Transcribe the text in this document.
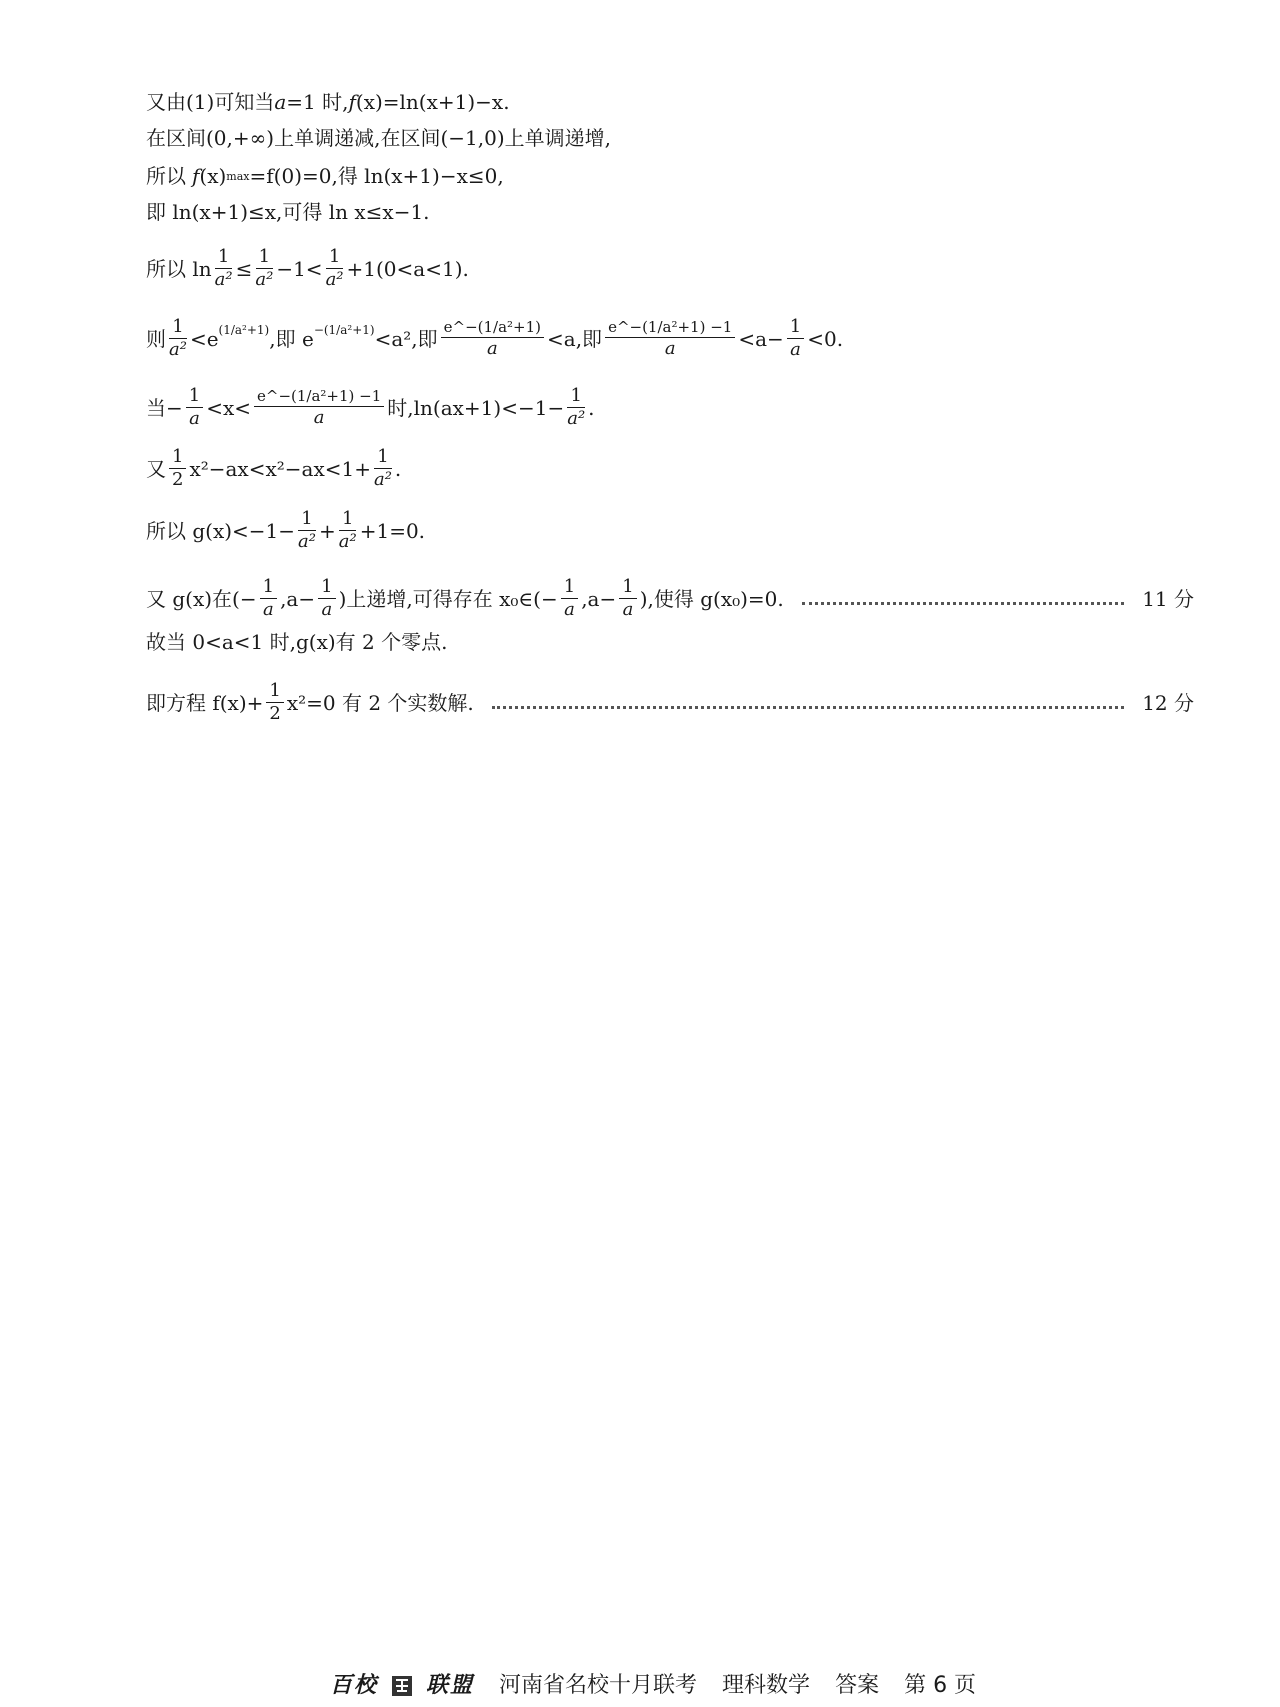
又由(1)可知当 a =1 时, f (x)=ln(x+1)−x.
在区间(0,+∞)上单调递减,在区间(−1,0)上单调递增,
所以 f (x) max =f(0)=0,得 ln(x+1)−x≤0,
即 ln(x+1)≤x,可得 ln x≤x−1.
所以 $\ln \frac{1}{\text{a²}} \le \frac{1}{\text{a²}} -1< \frac{1}{\text{a²}} +1(0<a<1)$.
则 $\frac{1}{\text{a²}} <e$ (1/a²+1) ,即 e −(1/a²+1) <a²,即 $\frac{\text{e\textasciicircum{}−(1/a²+1)}}{a} <a$,即 $\frac{\text{e\textasciicircum{}−(1/a²+1) −1}}{a} <a- \frac{1}{a} <0$.
当− $\frac{1}{a} <x< \frac{\text{e\textasciicircum{}−(1/a²+1) −1}}{a}$ 时$,\ln(ax+1)<-1- \frac{1}{\text{a²}}$ .
又 $\frac{1}{2} x^2-ax<x^2-ax<1+ \frac{1}{\text{a²}}$ .
所以 $g(x)<-1- \frac{1}{\text{a²}} + \frac{1}{\text{a²}} +1=0$.
又 g(x)在(− $\frac{1}{a} ,a- \frac{1}{a}$ )上递增,可得存在 x₀∈(− $\frac{1}{a} ,a- \frac{1}{a}$ ),使得 g(x₀)=0.	11 分
故当 0<a<1 时,g(x)有 2 个零点.
即方程 $f(x)+ \frac{1}{2} x^2=0$ 有 2 个实数解.	12 分
百校 联盟 河南省名校十月联考 理科数学 答案 第 6 页
